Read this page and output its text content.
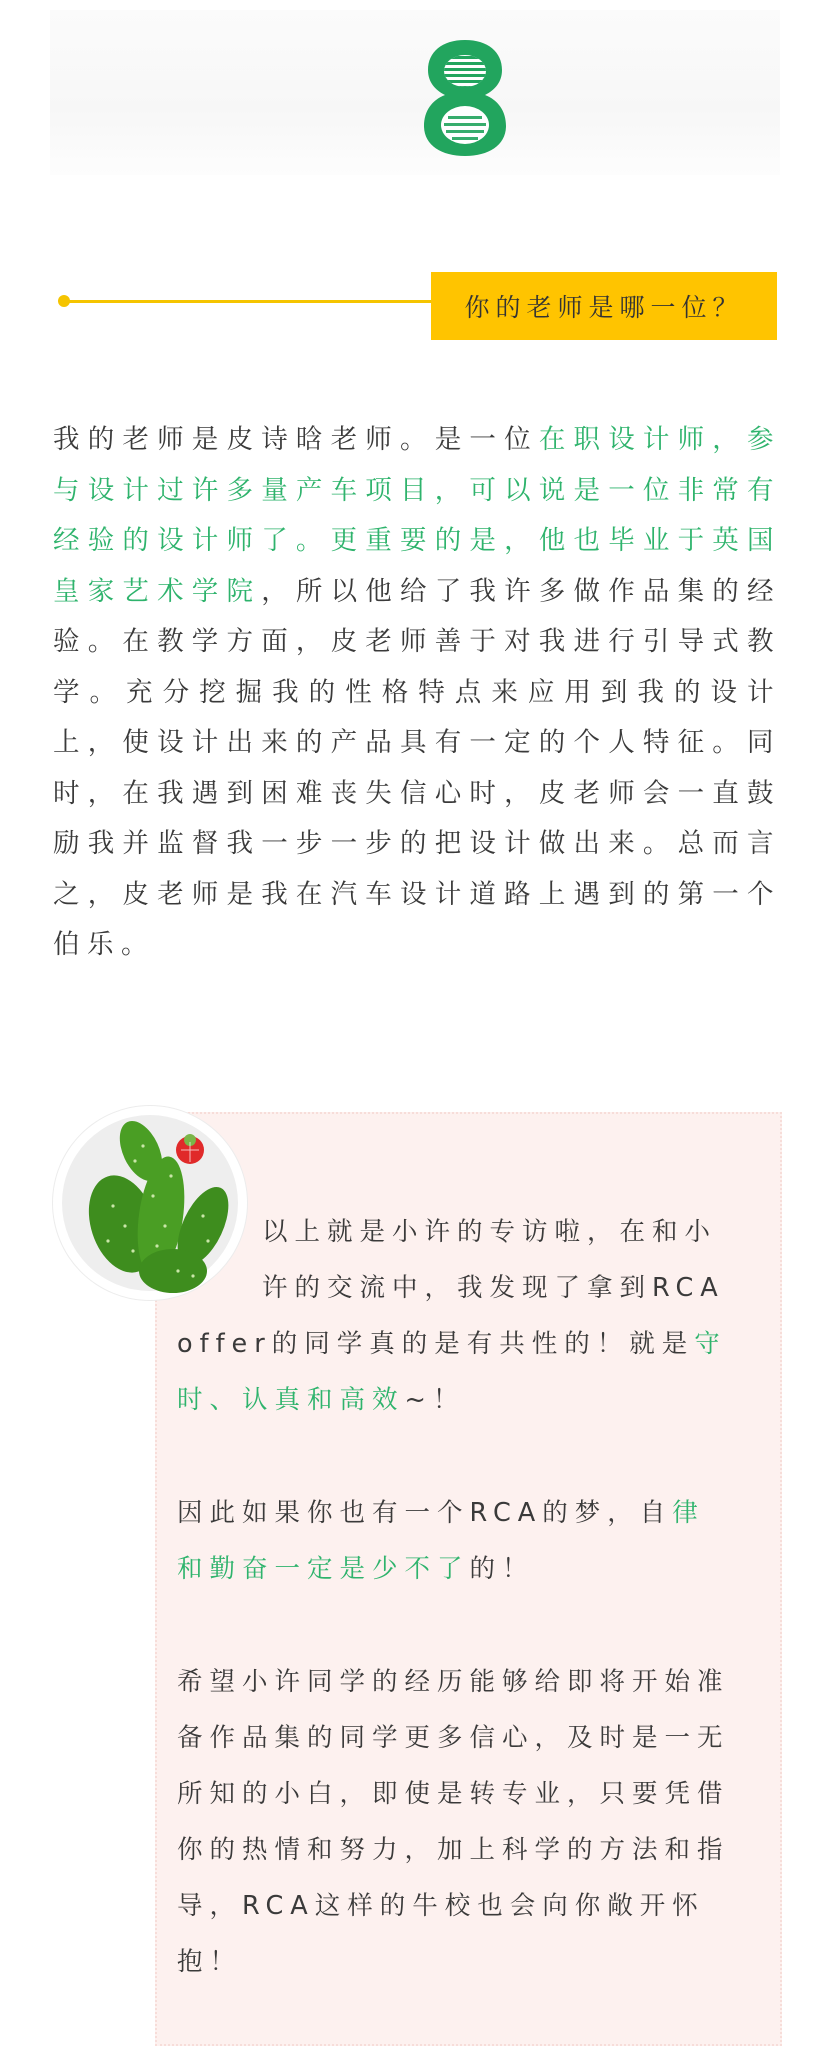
你的老师是哪一位？

我的老师是皮诗晗老师。是一位在职设计师，参与设计过许多量产车项目，可以说是一位非常有经验的设计师了。更重要的是，他也毕业于英国皇家艺术学院，所以他给了我许多做作品集的经验。在教学方面，皮老师善于对我进行引导式教学。充分挖掘我的性格特点来应用到我的设计上，使设计出来的产品具有一定的个人特征。同时，在我遇到困难丧失信心时，皮老师会一直鼓励我并监督我一步一步的把设计做出来。总而言之，皮老师是我在汽车设计道路上遇到的第一个伯乐。

以上就是小许的专访啦，在和小
许的交流中，我发现了拿到RCA
offer的同学真的是有共性的！就是守
时、认真和高效~！
因此如果你也有一个RCA的梦，自律
和勤奋一定是少不了的！
希望小许同学的经历能够给即将开始准
备作品集的同学更多信心，及时是一无
所知的小白，即使是转专业，只要凭借
你的热情和努力，加上科学的方法和指
导，RCA这样的牛校也会向你敞开怀
抱！
